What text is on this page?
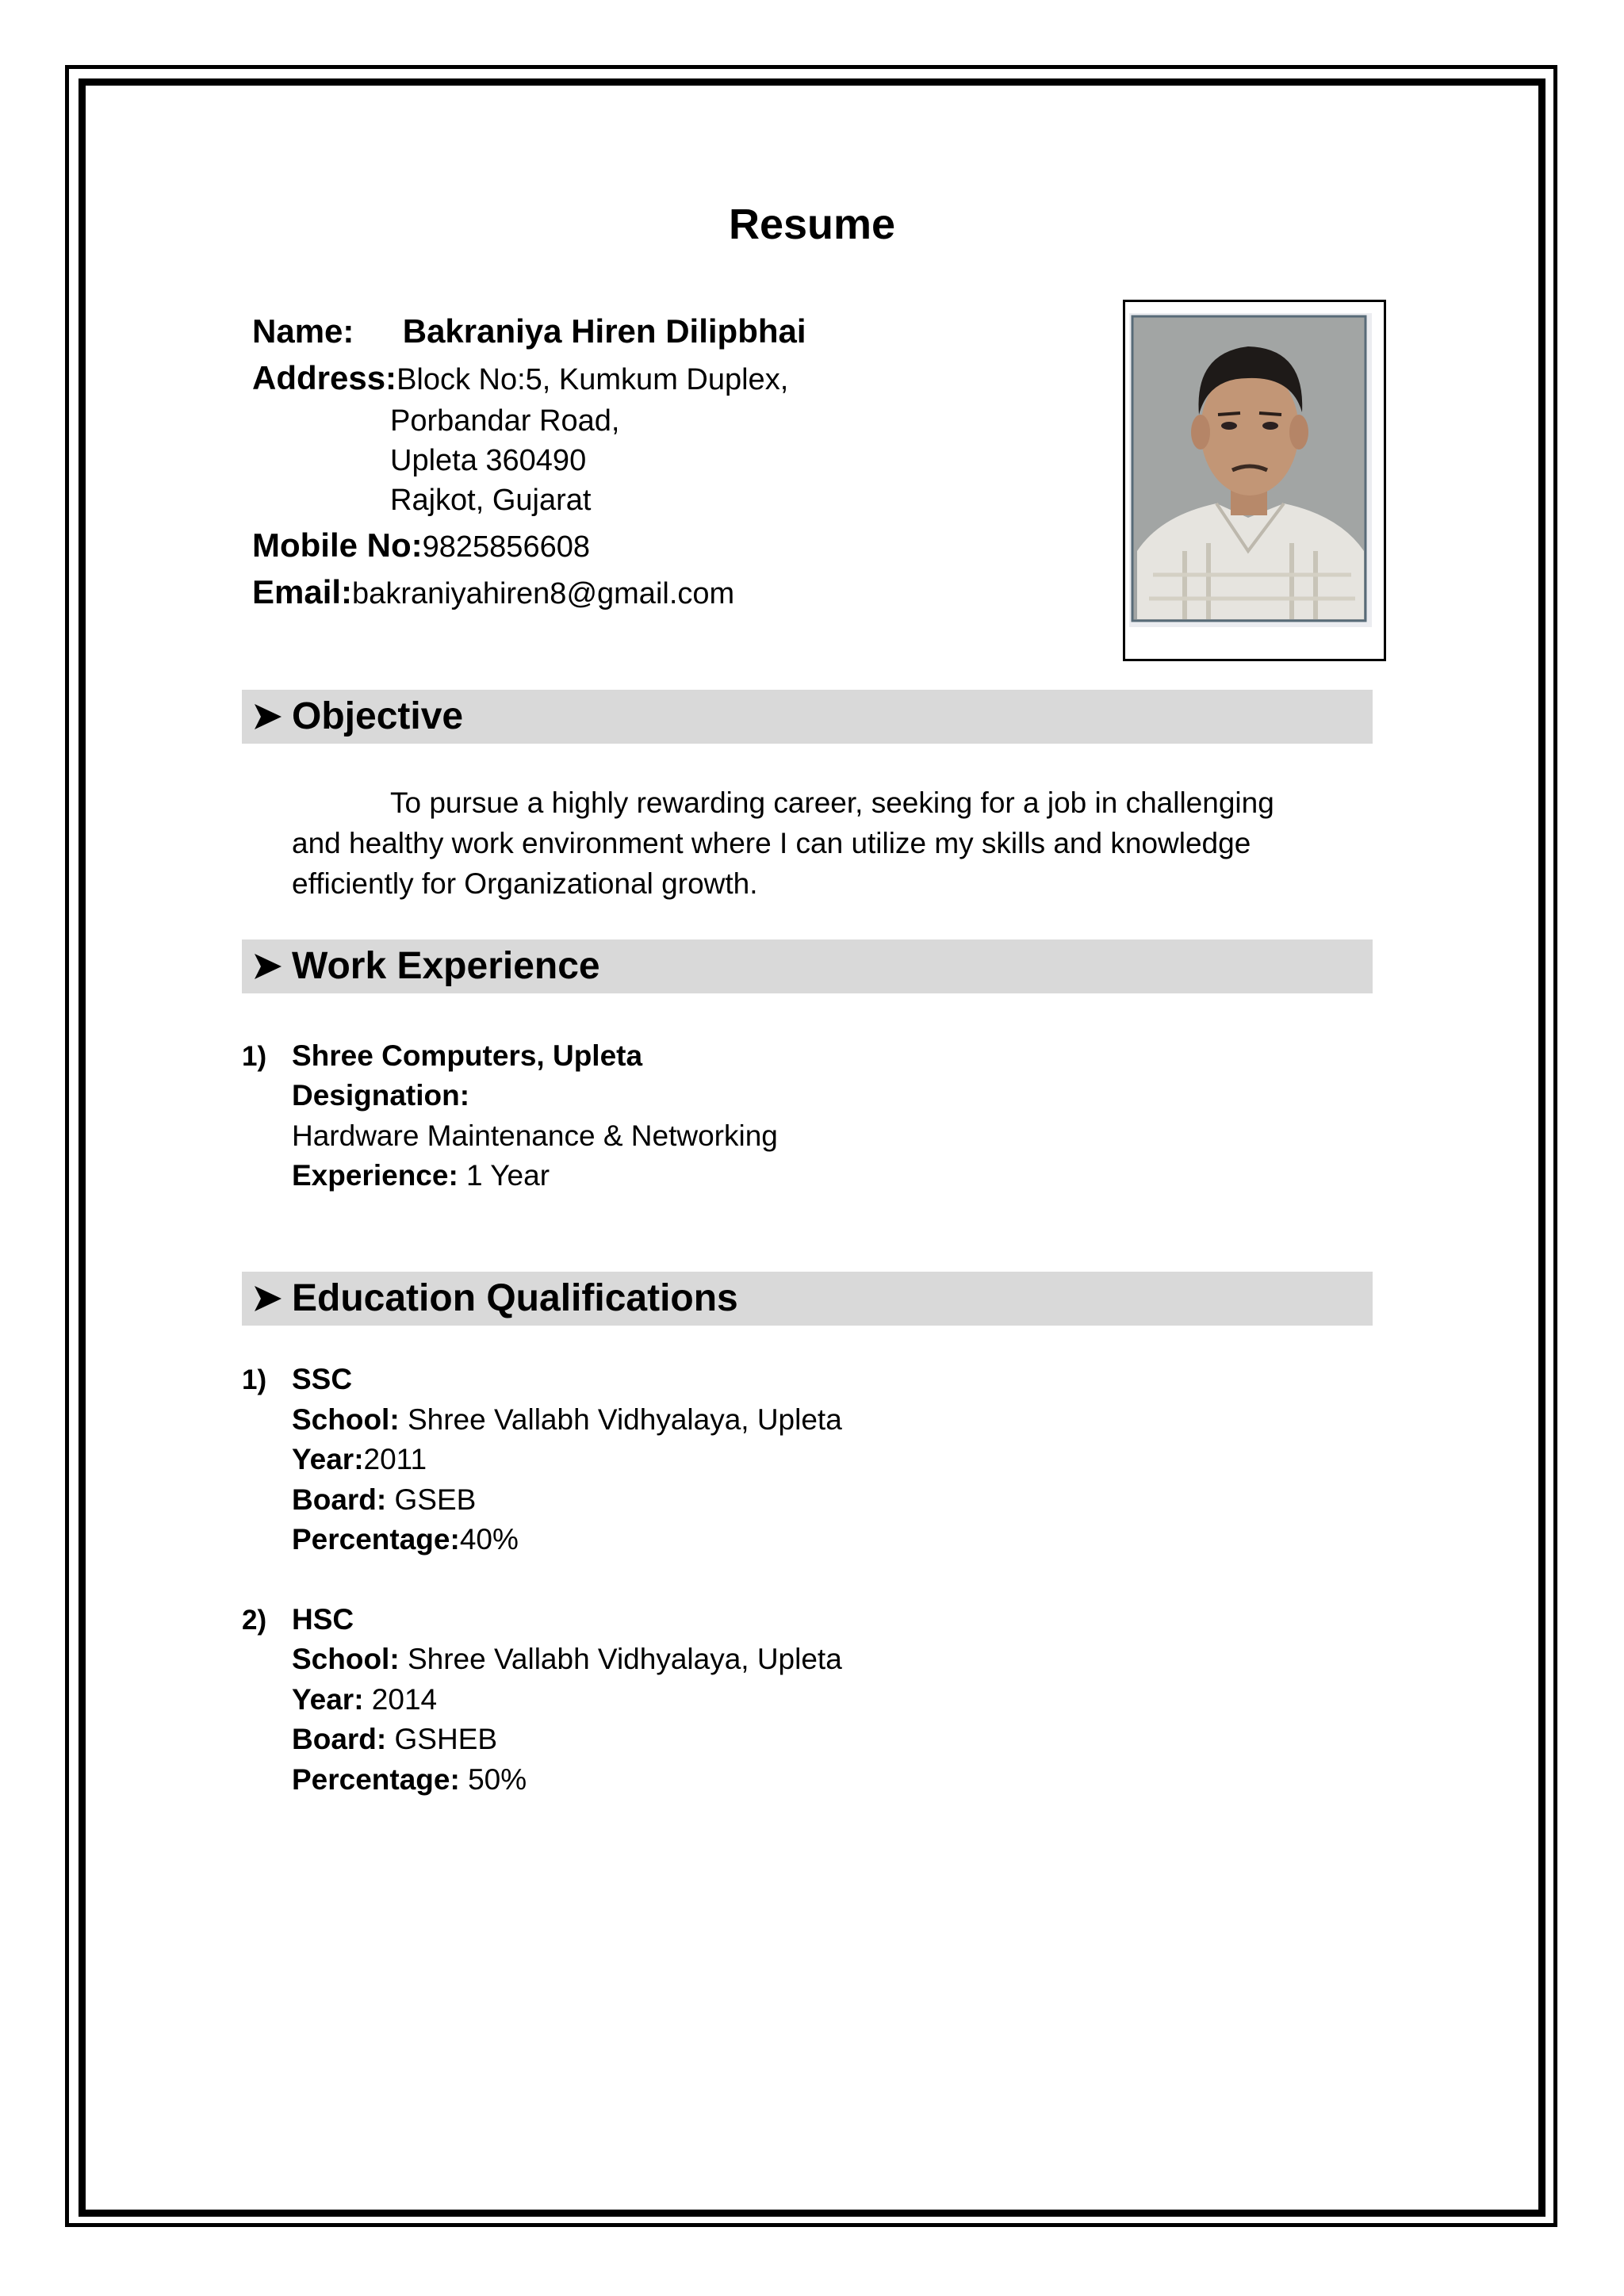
Resume
Name: Bakraniya Hiren Dilipbhai
Address:Block No:5, Kumkum Duplex,
Porbandar Road,
Upleta 360490
Rajkot, Gujarat
Mobile No:9825856608
Email:bakraniyahiren8@gmail.com
Objective
To pursue a highly rewarding career, seeking for a job in challenging
and healthy work environment where I can utilize my skills and knowledge
efficiently for Organizational growth.
Work Experience
1) Shree Computers, Upleta
Designation:
Hardware Maintenance & Networking
Experience: 1 Year
Education Qualifications
1) SSC
School: Shree Vallabh Vidhyalaya, Upleta
Year:2011
Board: GSEB
Percentage:40%
2) HSC
School: Shree Vallabh Vidhyalaya, Upleta
Year: 2014
Board: GSHEB
Percentage: 50%
